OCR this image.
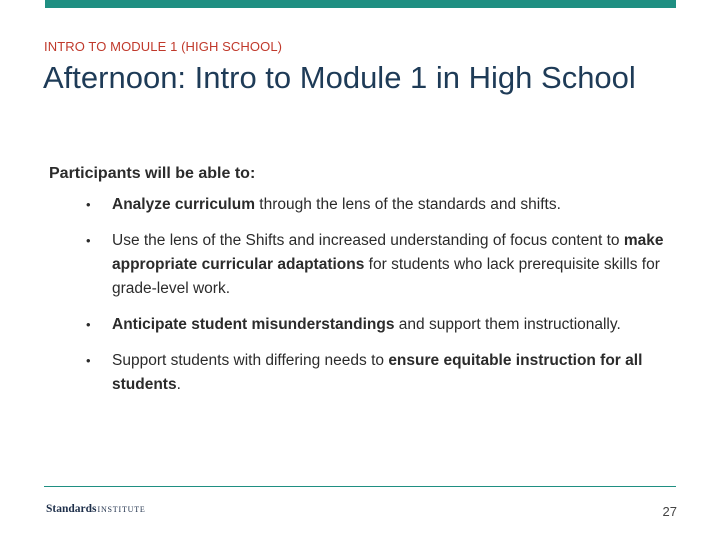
INTRO TO MODULE 1 (HIGH SCHOOL)
Afternoon: Intro to Module 1 in High School

Participants will be able to:

• Analyze curriculum through the lens of the standards and shifts.
• Use the lens of the Shifts and increased understanding of focus content to make appropriate curricular adaptations for students who lack prerequisite skills for grade-level work.
• Anticipate student misunderstandings and support them instructionally.
• Support students with differing needs to ensure equitable instruction for all students.
StandardsINSTITUTE	27
